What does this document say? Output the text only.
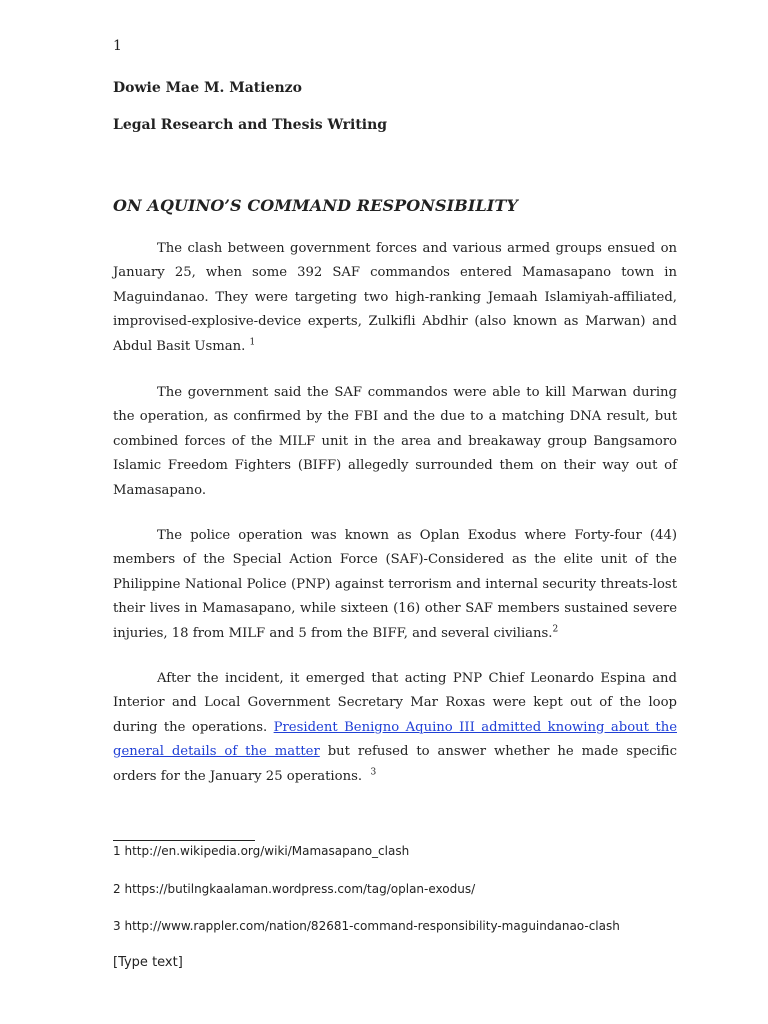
1
Dowie Mae M. Matienzo
Legal Research and Thesis Writing
ON AQUINO’S COMMAND RESPONSIBILITY

The clash between government forces and various armed groups ensued on January 25, when some 392 SAF commandos entered Mamasapano town in Maguindanao. They were targeting two high-ranking Jemaah Islamiyah-affiliated, improvised-explosive-device experts, Zulkifli Abdhir (also known as Marwan) and Abdul Basit Usman. $^1$

The government said the SAF commandos were able to kill Marwan during the operation, as confirmed by the FBI and the due to a matching DNA result, but combined forces of the MILF unit in the area and breakaway group Bangsamoro Islamic Freedom Fighters (BIFF) allegedly surrounded them on their way out of Mamasapano.

The police operation was known as Oplan Exodus where Forty-four (44) members of the Special Action Force (SAF)-Considered as the elite unit of the Philippine National Police (PNP) against terrorism and internal security threats-lost their lives in Mamasapano, while sixteen (16) other SAF members sustained severe injuries, 18 from MILF and 5 from the BIFF, and several civilians.$^2$

After the incident, it emerged that acting PNP Chief Leonardo Espina and Interior and Local Government Secretary Mar Roxas were kept out of the loop during the operations. President Benigno Aquino III admitted knowing about the general details of the matter but refused to answer whether he made specific orders for the January 25 operations. $^3$

1 http://en.wikipedia.org/wiki/Mamasapano_clash
2 https://butilngkaalaman.wordpress.com/tag/oplan-exodus/
3 http://www.rappler.com/nation/82681-command-responsibility-maguindanao-clash
[Type text]
